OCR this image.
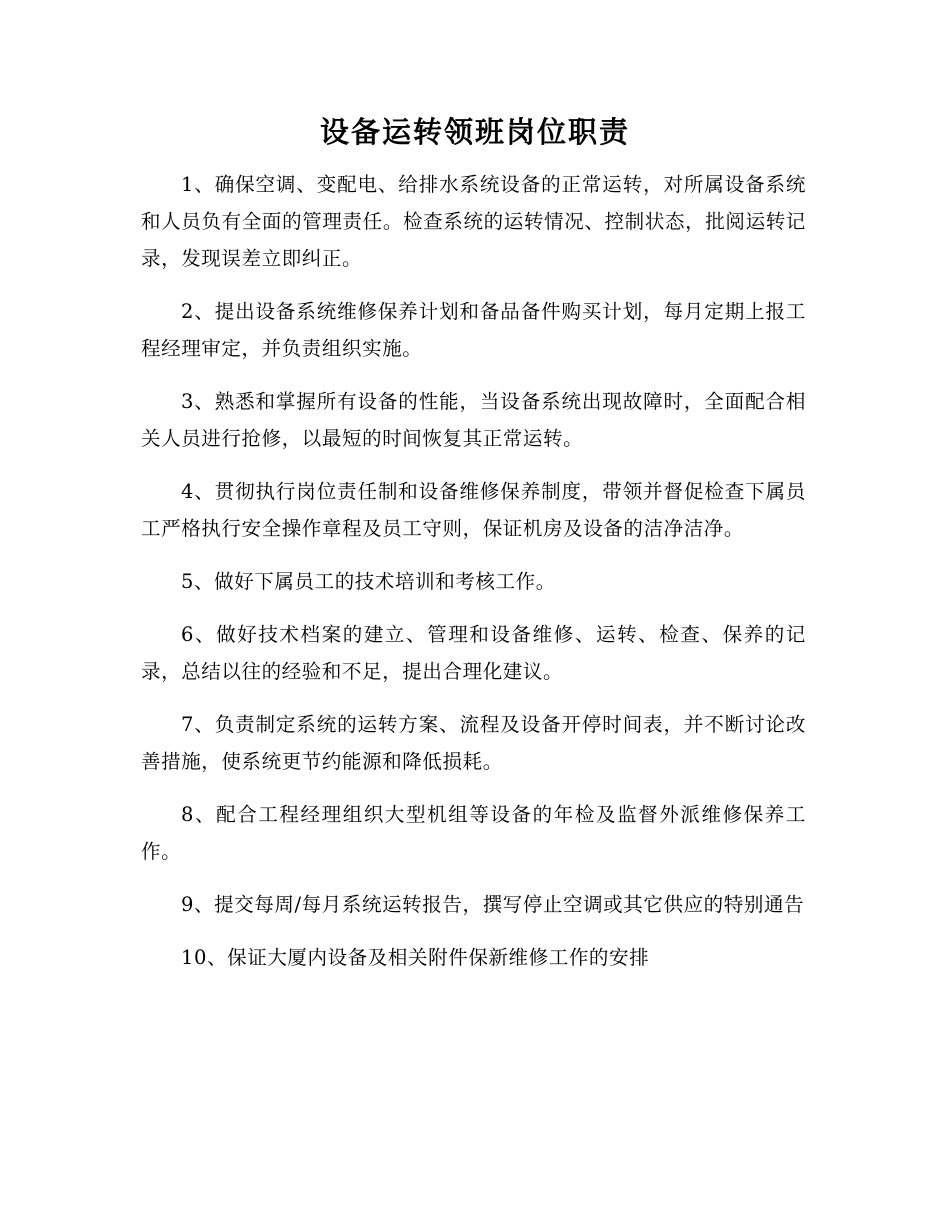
设备运转领班岗位职责

1、确保空调、变配电、给排水系统设备的正常运转，对所属设备系统和人员负有全面的管理责任。检查系统的运转情况、控制状态，批阅运转记录，发现误差立即纠正。

2、提出设备系统维修保养计划和备品备件购买计划，每月定期上报工程经理审定，并负责组织实施。

3、熟悉和掌握所有设备的性能，当设备系统出现故障时，全面配合相关人员进行抢修，以最短的时间恢复其正常运转。

4、贯彻执行岗位责任制和设备维修保养制度，带领并督促检查下属员工严格执行安全操作章程及员工守则，保证机房及设备的洁净洁净。

5、做好下属员工的技术培训和考核工作。

6、做好技术档案的建立、管理和设备维修、运转、检查、保养的记录，总结以往的经验和不足，提出合理化建议。

7、负责制定系统的运转方案、流程及设备开停时间表，并不断讨论改善措施，使系统更节约能源和降低损耗。

8、配合工程经理组织大型机组等设备的年检及监督外派维修保养工作。

9、提交每周/每月系统运转报告，撰写停止空调或其它供应的特别通告

10、保证大厦内设备及相关附件保新维修工作的安排
